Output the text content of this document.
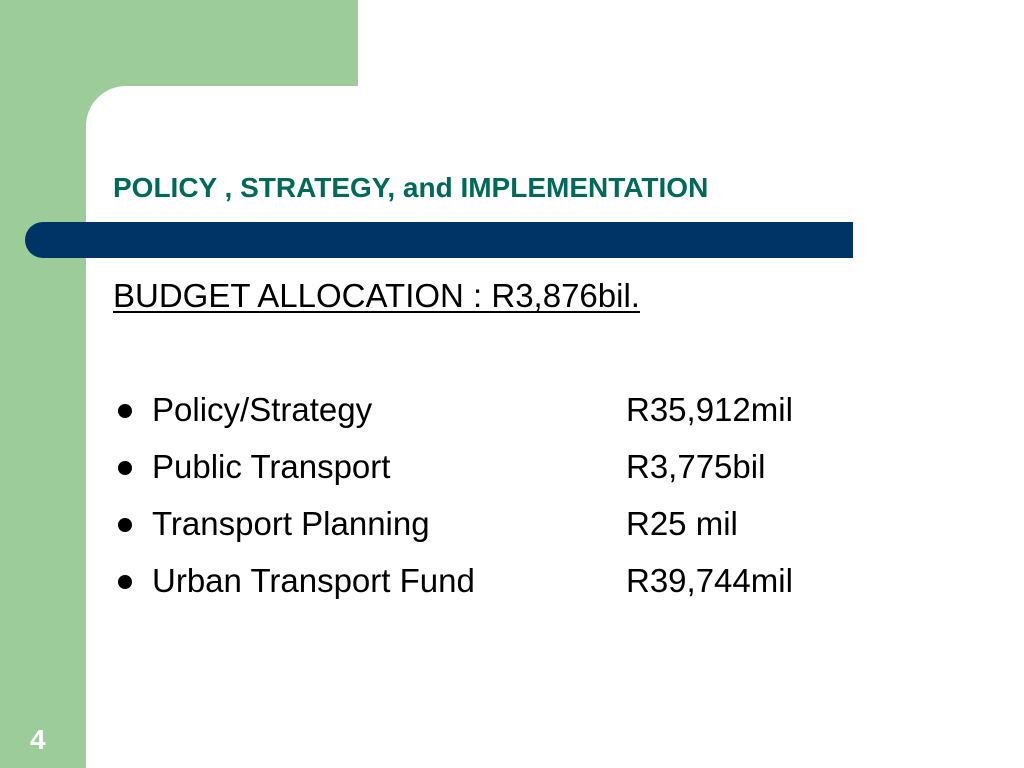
POLICY , STRATEGY, and IMPLEMENTATION
BUDGET ALLOCATION : R3,876bil.
Policy/Strategy	R35,912mil
Public Transport	R3,775bil
Transport Planning	R25 mil
Urban Transport Fund	R39,744mil
4
